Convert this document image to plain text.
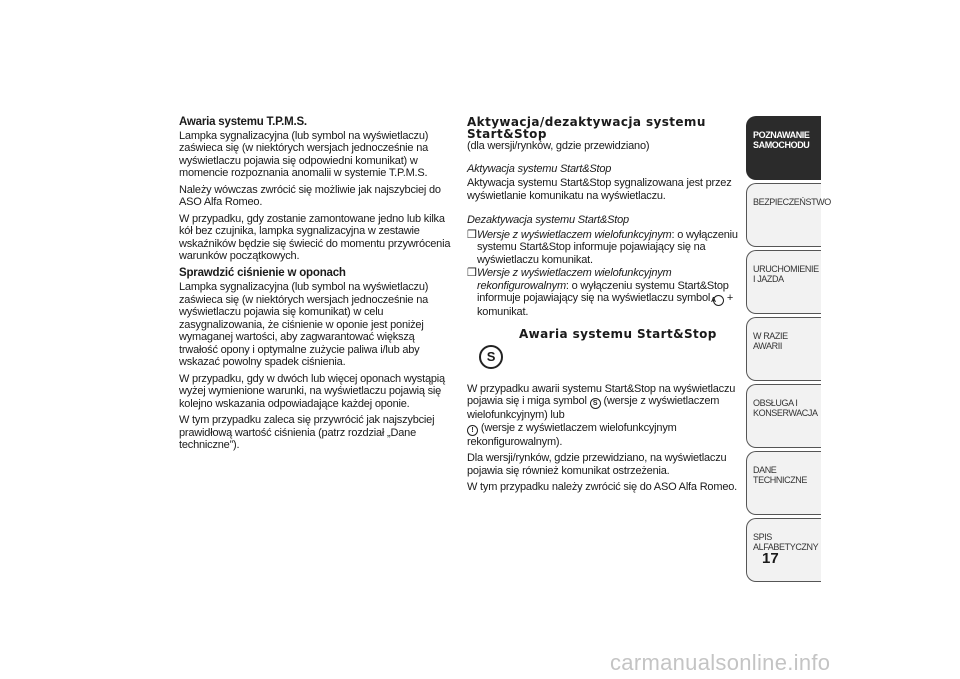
Awaria systemu T.P.M.S.

Lampka sygnalizacyjna (lub symbol na wyświetlaczu) zaświeca się (w niektórych wersjach jednocześnie na wyświetlaczu pojawia się odpowiedni komunikat) w momencie rozpoznania anomalii w systemie T.P.M.S.

Należy wówczas zwrócić się możliwie jak najszybciej do ASO Alfa Romeo.

W przypadku, gdy zostanie zamontowane jedno lub kilka kół bez czujnika, lampka sygnalizacyjna w zestawie wskaźników będzie się świecić do momentu przywrócenia warunków początkowych.

Sprawdzić ciśnienie w oponach

Lampka sygnalizacyjna (lub symbol na wyświetlaczu) zaświeca się (w niektórych wersjach jednocześnie na wyświetlaczu pojawia się komunikat) w celu zasygnalizowania, że ciśnienie w oponie jest poniżej wymaganej wartości, aby zagwarantować większą trwałość opony i optymalne zużycie paliwa i/lub aby wskazać powolny spadek ciśnienia.

W przypadku, gdy w dwóch lub więcej oponach wystąpią wyżej wymienione warunki, na wyświetlaczu pojawią się kolejno wskazania odpowiadające każdej oponie.

W tym przypadku zaleca się przywrócić jak najszybciej prawidłową wartość ciśnienia (patrz rozdział „Dane techniczne”).

Aktywacja/dezaktywacja systemu Start&Stop

(dla wersji/rynków, gdzie przewidziano)

Aktywacja systemu Start&Stop

Aktywacja systemu Start&Stop sygnalizowana jest przez wyświetlanie komunikatu na wyświetlaczu.

Dezaktywacja systemu Start&Stop

❒Wersje z wyświetlaczem wielofunkcyjnym: o wyłączeniu systemu Start&Stop informuje pojawiający się na wyświetlaczu komunikat.

❒Wersje z wyświetlaczem wielofunkcyjnym rekonfigurowalnym: o wyłączeniu systemu Start&Stop informuje pojawiający się na wyświetlaczu symbol A + komunikat.

S
Awaria systemu Start&Stop

W przypadku awarii systemu Start&Stop na wyświetlaczu pojawia się i miga symbol S (wersje z wyświetlaczem wielofunkcyjnym) lub
! (wersje z wyświetlaczem wielofunkcyjnym rekonfigurowalnym).

Dla wersji/rynków, gdzie przewidziano, na wyświetlaczu pojawia się również komunikat ostrzeżenia.

W tym przypadku należy zwrócić się do ASO Alfa Romeo.

POZNAWANIE SAMOCHODU
BEZPIECZEŃSTWO
URUCHOMIENIE I JAZDA
W RAZIE AWARII
OBSŁUGA I KONSERWACJA
DANE TECHNICZNE
SPIS ALFABETYCZNY
17
carmanualsonline.info
